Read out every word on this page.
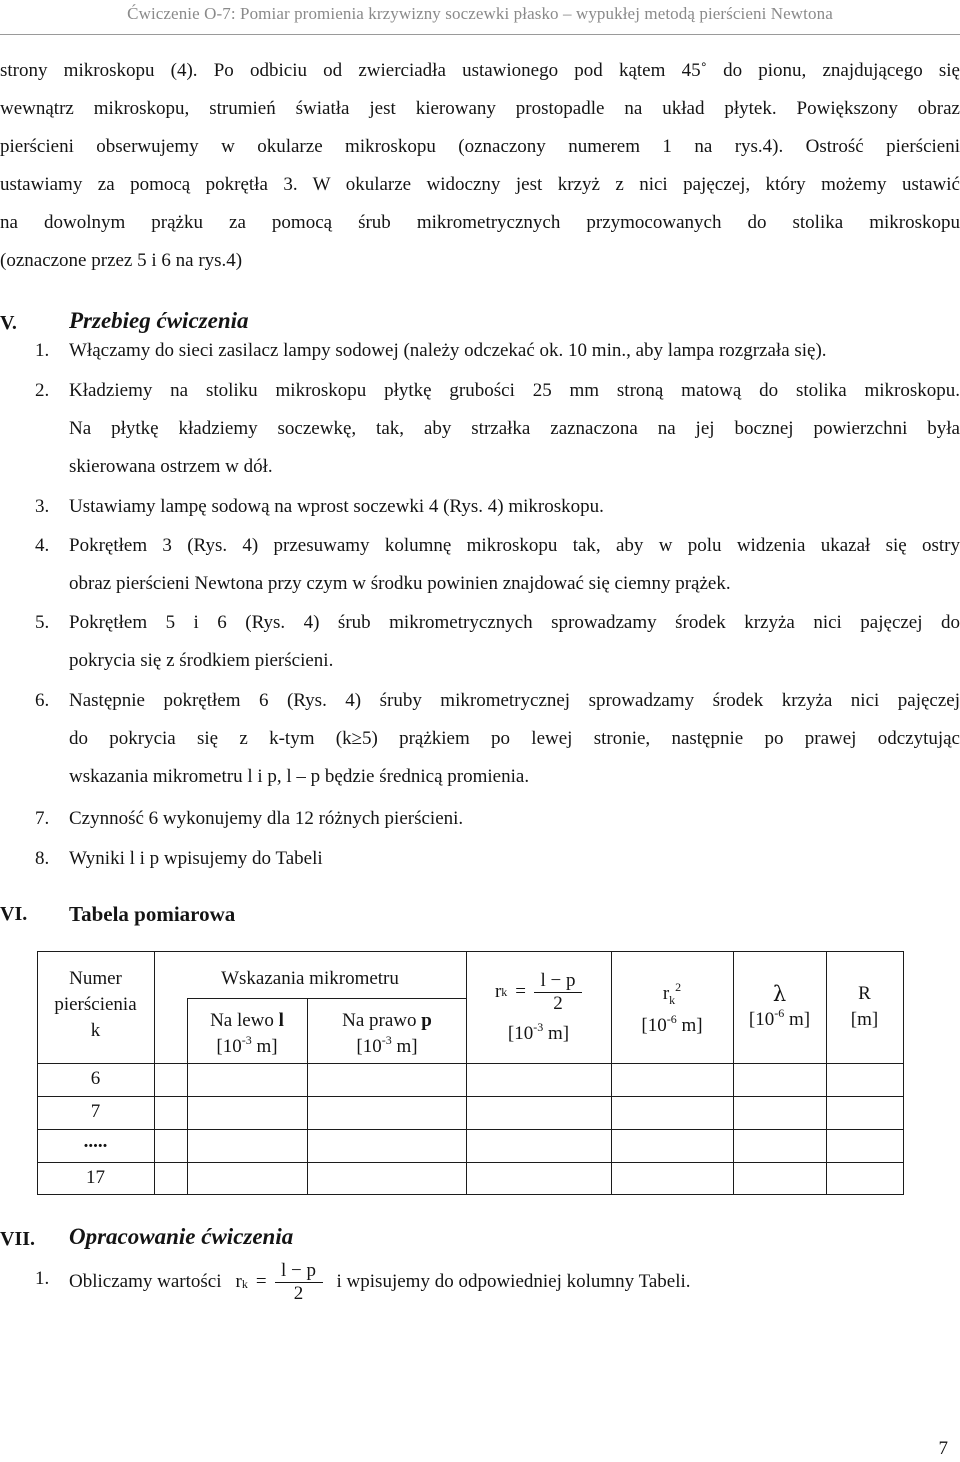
Ćwiczenie O-7: Pomiar promienia krzywizny soczewki płasko – wypukłej metodą pierścieni Newtona
strony mikroskopu (4). Po odbiciu od zwierciadła ustawionego pod kątem 45˚ do pionu, znajdującego się
wewnątrz mikroskopu, strumień światła jest kierowany prostopadle na układ płytek. Powiększony obraz
pierścieni obserwujemy w okularze mikroskopu (oznaczony numerem 1 na rys.4). Ostrość pierścieni
ustawiamy za pomocą pokrętła 3. W okularze widoczny jest krzyż z nici pajęczej, który możemy ustawić
na dowolnym prążku za pomocą śrub mikrometrycznych przymocowanych do stolika mikroskopu
(oznaczone przez 5 i 6 na rys.4)
V. Przebieg ćwiczenia
1. Włączamy do sieci zasilacz lampy sodowej (należy odczekać ok. 10 min., aby lampa rozgrzała się).
2. Kładziemy na stoliku mikroskopu płytkę grubości 25 mm stroną matową do stolika mikroskopu.
Na płytkę kładziemy soczewkę, tak, aby strzałka zaznaczona na jej bocznej powierzchni była
skierowana ostrzem w dół.
3. Ustawiamy lampę sodową na wprost soczewki 4 (Rys. 4) mikroskopu.
4. Pokrętłem 3 (Rys. 4) przesuwamy kolumnę mikroskopu tak, aby w polu widzenia ukazał się ostry
obraz pierścieni Newtona przy czym w środku powinien znajdować się ciemny prążek.
5. Pokrętłem 5 i 6 (Rys. 4) śrub mikrometrycznych sprowadzamy środek krzyża nici pajęczej do
pokrycia się z środkiem pierścieni.
6. Następnie pokrętłem 6 (Rys. 4) śruby mikrometrycznej sprowadzamy środek krzyża nici pajęczej
do pokrycia się z k-tym (k≥5) prążkiem po lewej stronie, następnie po prawej odczytując
wskazania mikrometru l i p, l – p będzie średnicą promienia.
7. Czynność 6 wykonujemy dla 12 różnych pierścieni.
8. Wyniki l i p wpisujemy do Tabeli
VI. Tabela pomiarowa
Numer
pierścienia
k
Wskazania mikrometru
Na lewo l
[$10^{-3}$ m]
Na prawo p
[$10^{-3}$ m]
r $k = \frac{l - p}{2}$
[$10^{-3}$ m]
$r_k^2$
[$10^{-6}$ m]
λ
[$10^{-6}$ m]
R
[m]
6
7
.....
17
VII. Opracowanie ćwiczenia
1. Obliczamy wartości r $k = \frac{l - p}{2}$ i wpisujemy do odpowiedniej kolumny Tabeli.
7
